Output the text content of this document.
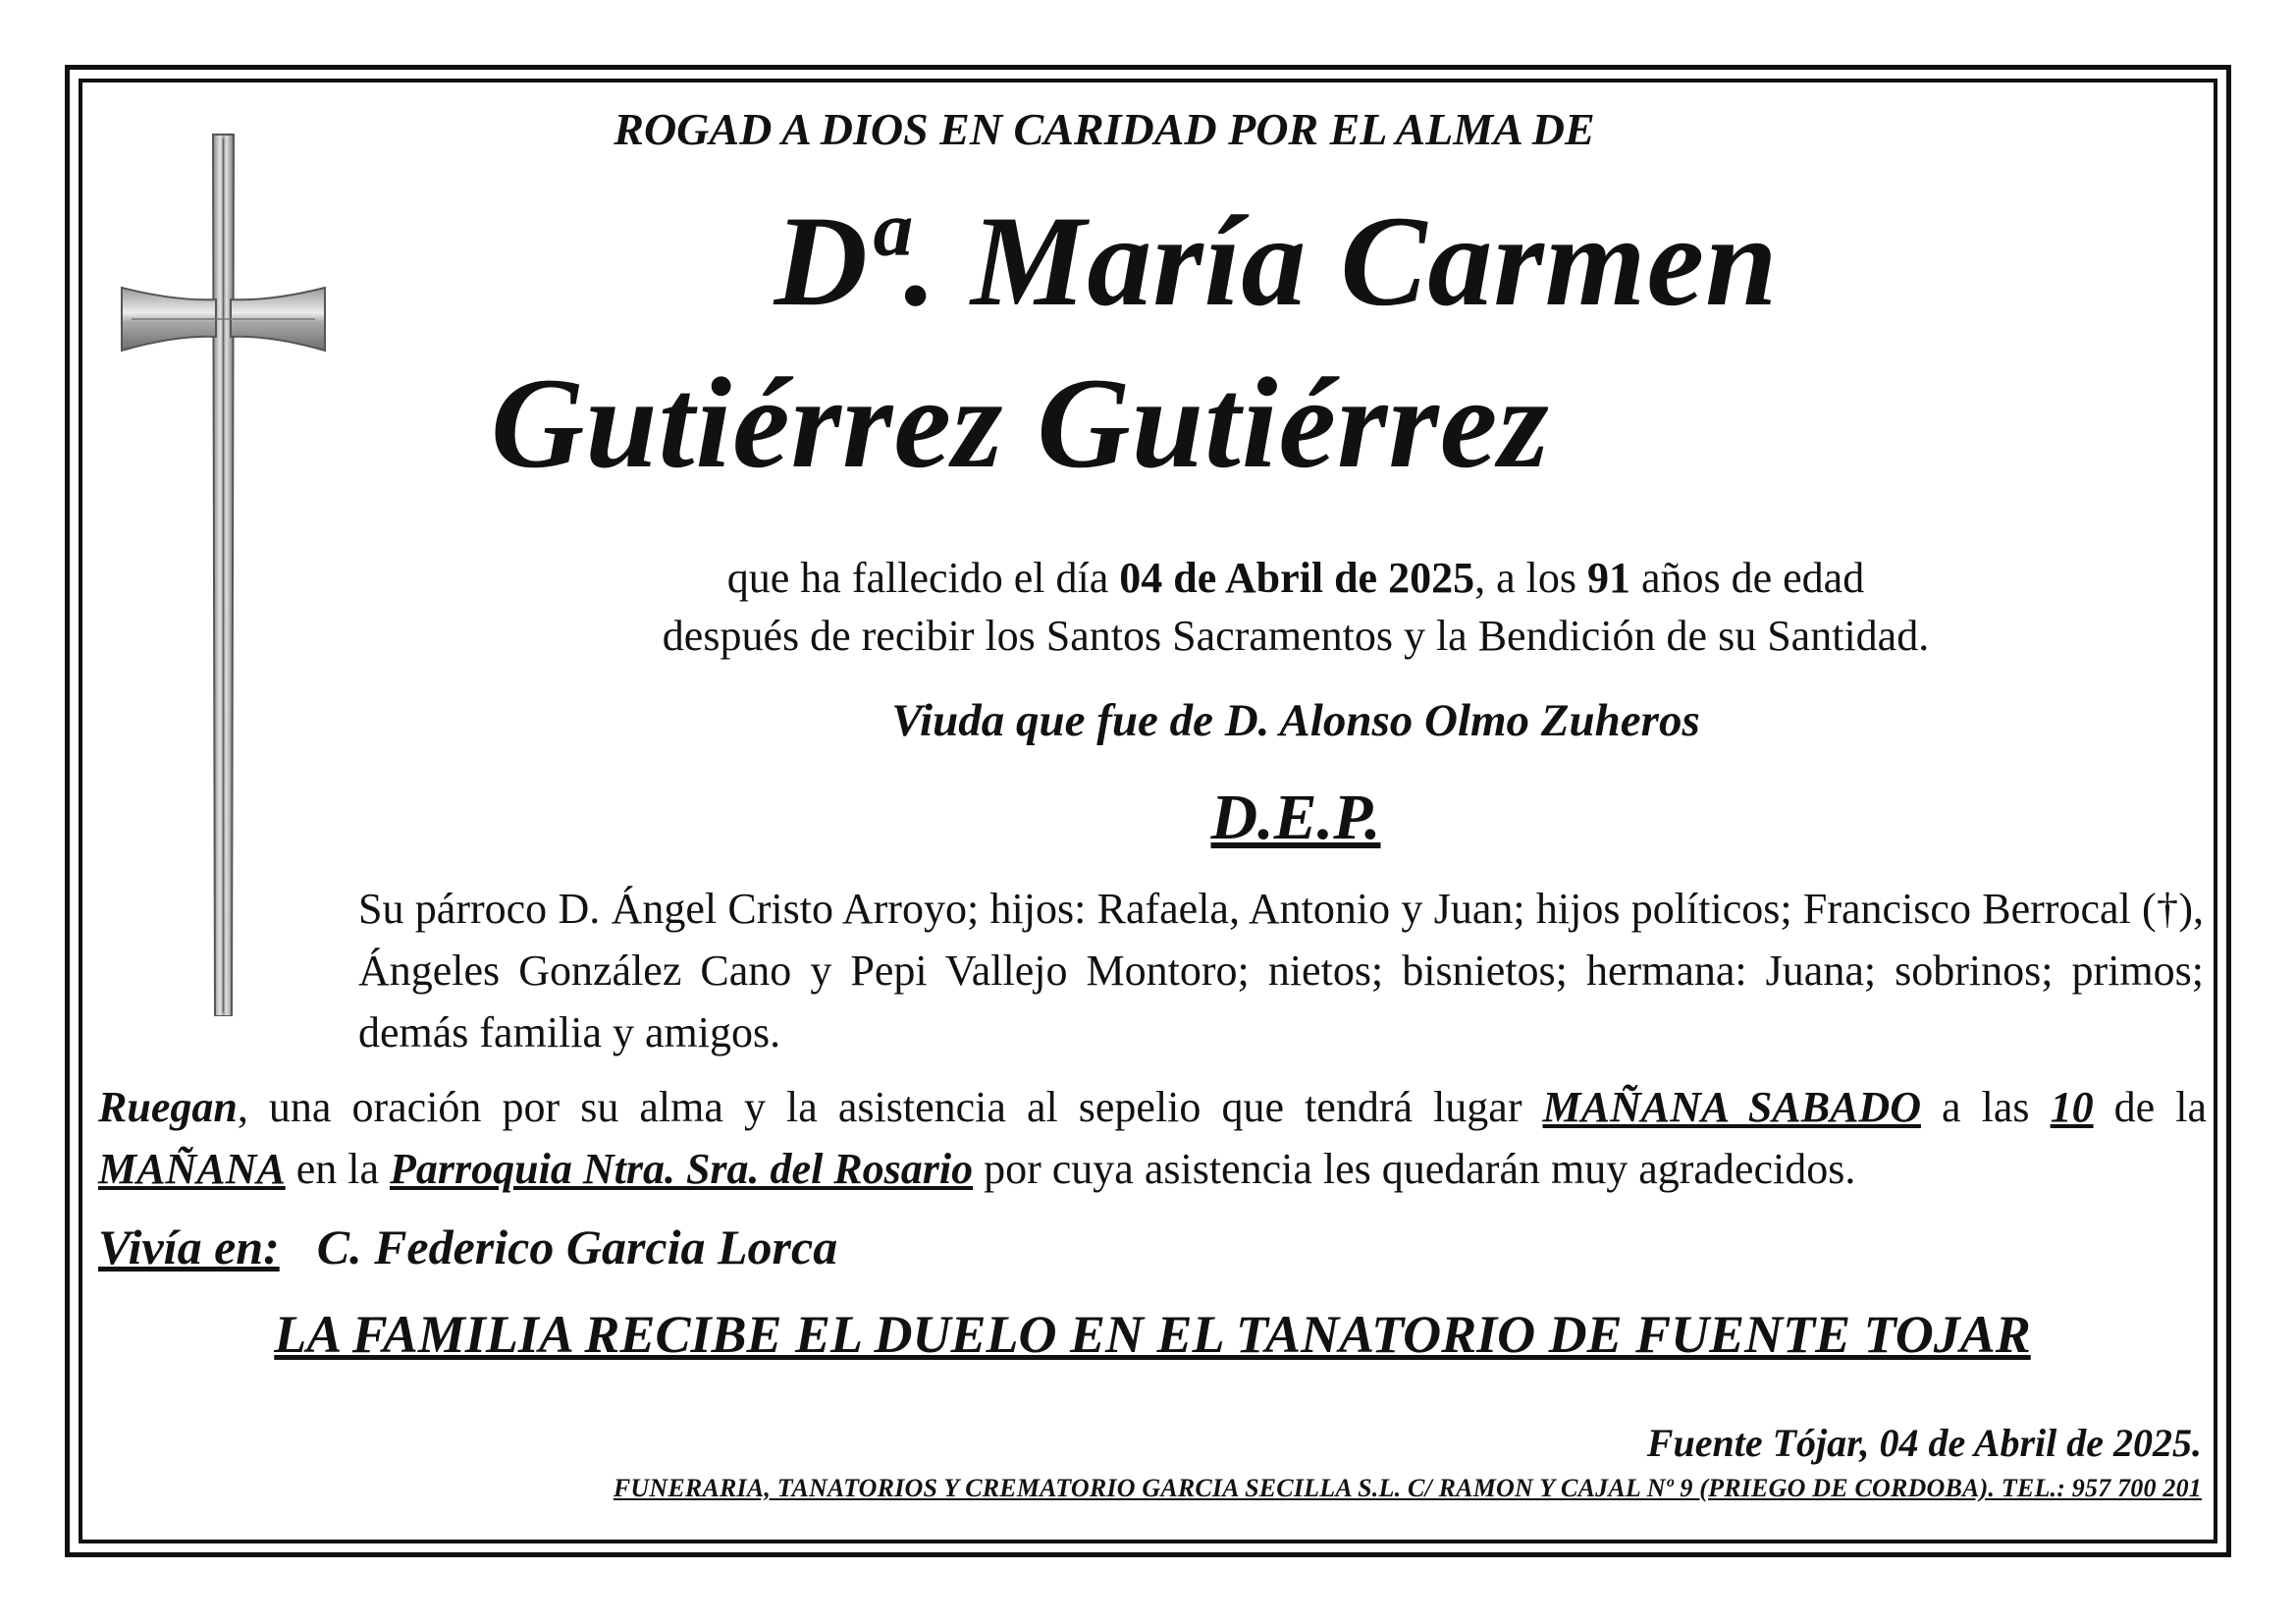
ROGAD A DIOS EN CARIDAD POR EL ALMA DE
Dª. María Carmen
Gutiérrez Gutiérrez
que ha fallecido el día 04 de Abril de 2025, a los 91 años de edad
después de recibir los Santos Sacramentos y la Bendición de su Santidad.
Viuda que fue de D. Alonso Olmo Zuheros
D.E.P.
Su párroco D. Ángel Cristo Arroyo; hijos: Rafaela, Antonio y Juan; hijos políticos; Francisco Berrocal (†), Ángeles González Cano y Pepi Vallejo Montoro; nietos; bisnietos; hermana: Juana; sobrinos; primos; demás familia y amigos.
Ruegan, una oración por su alma y la asistencia al sepelio que tendrá lugar MAÑANA SABADO a las 10 de la MAÑANA en la Parroquia Ntra. Sra. del Rosario por cuya asistencia les quedarán muy agradecidos.
Vivía en: C. Federico Garcia Lorca
LA FAMILIA RECIBE EL DUELO EN EL TANATORIO DE FUENTE TOJAR
Fuente Tójar, 04 de Abril de 2025.
FUNERARIA, TANATORIOS Y CREMATORIO GARCIA SECILLA S.L. C/ RAMON Y CAJAL Nº 9 (PRIEGO DE CORDOBA). TEL.: 957 700 201
